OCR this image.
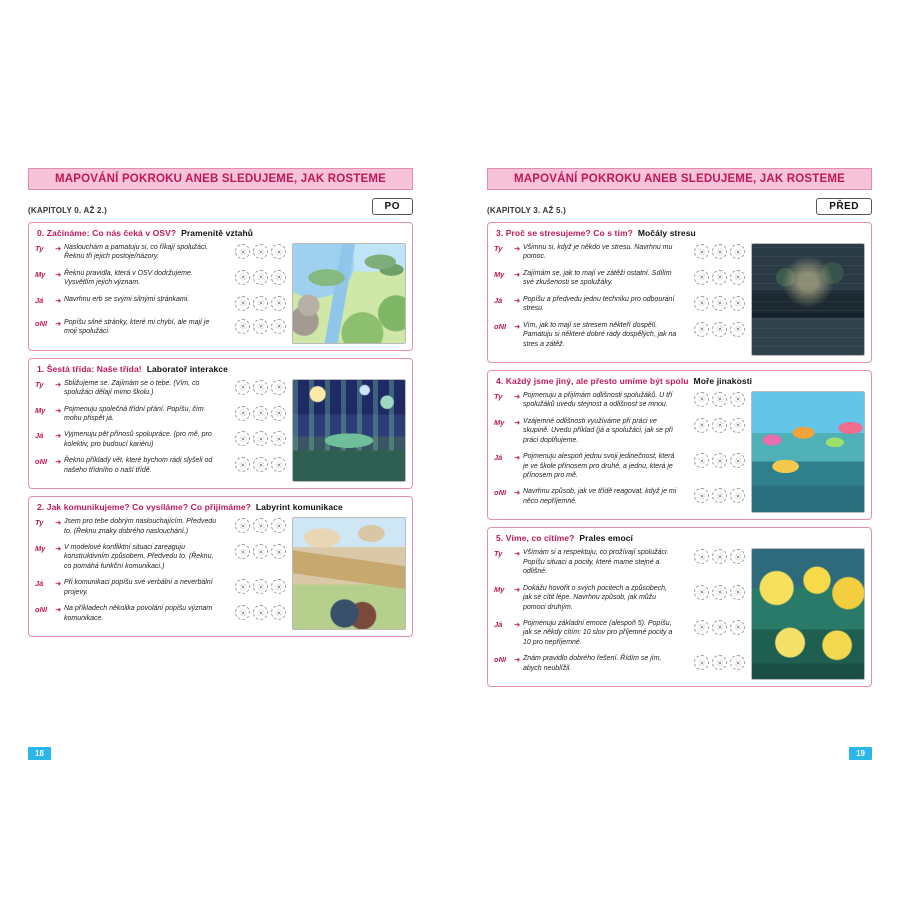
MAPOVÁNÍ POKROKU ANEB SLEDUJEME, JAK ROSTEME
(KAPITOLY 0. AŽ 2.)	PO
0. Začínáme: Co nás čeká v OSV? Pramenitě vztahů
Ty	➜ Naslouchám a pamatuju si, co říkají spolužáci. Řeknu tři jejich postoje/názory.
My	➜ Řeknu pravidla, která v OSV dodržujeme. Vysvětlím jejich význam.
Já	➜ Navrhnu erb se svými silnými stránkami.
oNI	➜ Popíšu silné stránky, které mi chybí, ale mají je moji spolužáci.
1. Šestá třída: Naše třída! Laboratoř interakce
Ty	➜ Sbližujeme se. Zajímám se o tebe. (Vím, co spolužáci dělají mimo školu.)
My	➜ Pojmenuju společná třídní přání. Popíšu, čím mohu přispět já.
Já	➜ Vyjmenuju pět přínosů spolupráce. (pro mě, pro kolektiv, pro budoucí kariéru)
oNI	➜ Řeknu příklady vět, které bychom rádi slyšeli od našeho třídního o naší třídě.
2. Jak komunikujeme? Co vysíláme? Co přijímáme? Labyrint komunikace
Ty	➜ Jsem pro tebe dobrým naslouchajícím. Předvedu to. (Řeknu znaky dobrého naslouchání.)
My	➜ V modelové konfliktní situaci zareaguju konstruktivním způsobem. Předvedu to. (Řeknu, co pomáhá funkční komunikaci.)
Já	➜ Při komunikaci popíšu své verbální a neverbální projevy.
oNI	➜ Na příkladech několika povolání popíšu význam komunikace.
18
MAPOVÁNÍ POKROKU ANEB SLEDUJEME, JAK ROSTEME
(KAPITOLY 3. AŽ 5.)	PŘED
3. Proč se stresujeme? Co s tím? Močály stresu
Ty	➜ Všimnu si, když je někdo ve stresu. Navrhnu mu pomoc.
My	➜ Zajímám se, jak to mají ve zátěži ostatní. Sdílím své zkušenosti se spolužáky.
Já	➜ Popíšu a předvedu jednu techniku pro odbourání stresu.
oNI	➜ Vím, jak to mají se stresem někteří dospělí. Pamatuju si některé dobré rady dospělých, jak na stres a zátěž.
4. Každý jsme jiný, ale přesto umíme být spolu Moře jinakosti
Ty	➜ Pojmenuju a přijímám odlišnosti spolužáků. U tří spolužáků uvedu stejnost a odlišnost se mnou.
My	➜ Vzájemné odlišnosti využíváme při práci ve skupině. Uvedu příklad (já a spolužáci, jak se při práci doplňujeme.
Já	➜ Pojmenuju alespoň jednu svoji jedinečnost, která je ve škole přínosem pro druhé, a jednu, která je přínosem pro mě.
oNI	➜ Navrhnu způsob, jak ve třídě reagovat, když je mi něco nepříjemné.
5. Víme, co cítíme? Prales emocí
Ty	➜ Všímám si a respektuju, co prožívají spolužáci. Popíšu situaci a pocity, které mame stejné a odlišné.
My	➜ Dokážu hovořit o svých pocitech a způsobech, jak se cítit lépe. Navrhnu způsob, jak můžu pomoci druhým.
Já	➜ Pojmenuju základní emoce (alespoň 5). Popíšu, jak se někdy cítím: 10 slov pro příjemné pocity a 10 pro nepříjemné.
oNI	➜ Znám pravidlo dobrého řešení. Řídím se jím, abych neublížil.
19
